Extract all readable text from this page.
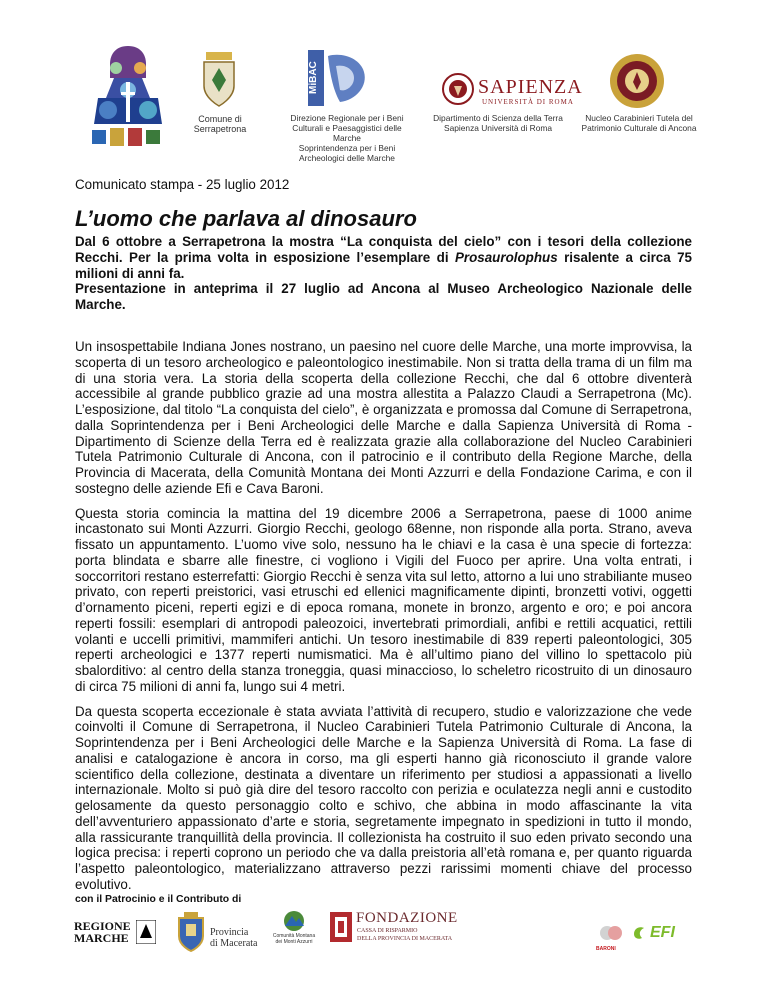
Comune di Serrapetrona
MiBAC
Direzione Regionale per i Beni
Culturali e Paesaggistici delle Marche
Soprintendenza per i Beni
Archeologici delle Marche
SAPIENZA
UNIVERSITÀ DI ROMA
Dipartimento di Scienza della Terra
Sapienza Università di Roma
Nucleo Carabinieri Tutela del
Patrimonio Culturale di Ancona
Comunicato stampa - 25 luglio 2012
L’uomo che parlava al dinosauro

Dal 6 ottobre a Serrapetrona la mostra “La conquista del cielo” con i tesori della collezione Recchi. Per la prima volta in esposizione l’esemplare di Prosaurolophus risalente a circa 75 milioni di anni fa.

Presentazione in anteprima il 27 luglio ad Ancona al Museo Archeologico Nazionale delle Marche.

Un insospettabile Indiana Jones nostrano, un paesino nel cuore delle Marche, una morte improvvisa, la scoperta di un tesoro archeologico e paleontologico inestimabile. Non si tratta della trama di un film ma di una storia vera. La storia della scoperta della collezione Recchi, che dal 6 ottobre diventerà accessibile al grande pubblico grazie ad una mostra allestita a Palazzo Claudi a Serrapetrona (Mc). L’esposizione, dal titolo “La conquista del cielo”, è organizzata e promossa dal Comune di Serrapetrona, dalla Soprintendenza per i Beni Archeologici delle Marche e dalla Sapienza Università di Roma - Dipartimento di Scienze della Terra ed è realizzata grazie alla collaborazione del Nucleo Carabinieri Tutela Patrimonio Culturale di Ancona, con il patrocinio e il contributo della Regione Marche, della Provincia di Macerata, della Comunità Montana dei Monti Azzurri e della Fondazione Carima, e con il sostegno delle aziende Efi e Cava Baroni.

Questa storia comincia la mattina del 19 dicembre 2006 a Serrapetrona, paese di 1000 anime incastonato sui Monti Azzurri. Giorgio Recchi, geologo 68enne, non risponde alla porta. Strano, aveva fissato un appuntamento. L’uomo vive solo, nessuno ha le chiavi e la casa è una specie di fortezza: porta blindata e sbarre alle finestre, ci vogliono i Vigili del Fuoco per aprire. Una volta entrati, i soccorritori restano esterrefatti: Giorgio Recchi è senza vita sul letto, attorno a lui uno strabiliante museo privato, con reperti preistorici, vasi etruschi ed ellenici magnificamente dipinti, bronzetti votivi, oggetti d’ornamento piceni, reperti egizi e di epoca romana, monete in bronzo, argento e oro; e poi ancora reperti fossili: esemplari di antropodi paleozoici, invertebrati primordiali, anfibi e rettili acquatici, rettili volanti e uccelli primitivi, mammiferi antichi. Un tesoro inestimabile di 839 reperti paleontologici, 305 reperti archeologici e 1377 reperti numismatici. Ma è all’ultimo piano del villino lo spettacolo più sbalorditivo: al centro della stanza troneggia, quasi minaccioso, lo scheletro ricostruito di un dinosauro di circa 75 milioni di anni fa, lungo sui 4 metri.

Da questa scoperta eccezionale è stata avviata l’attività di recupero, studio e valorizzazione che vede coinvolti il Comune di Serrapetrona, il Nucleo Carabinieri Tutela Patrimonio Culturale di Ancona, la Soprintendenza per i Beni Archeologici delle Marche e la Sapienza Università di Roma. La fase di analisi e catalogazione è ancora in corso, ma gli esperti hanno già riconosciuto il grande valore scientifico della collezione, destinata a diventare un riferimento per studiosi a appassionati a livello internazionale. Molto si può già dire del tesoro raccolto con perizia e oculatezza negli anni e custodito gelosamente da questo personaggio colto e schivo, che abbina in modo affascinante la vita dell’avventuriero appassionato d’arte e storia, segretamente impegnato in spedizioni in tutto il mondo, alla rassicurante tranquillità della provincia. Il collezionista ha costruito il suo eden privato secondo una logica precisa: i reperti coprono un periodo che va dalla preistoria all’età romana e, per quanto riguarda l’aspetto paleontologico, materializzano attraverso pezzi rarissimi momenti chiave del processo evolutivo.

con il Patrocinio e il Contributo di
REGIONE
MARCHE	Provincia
di Macerata
Comunità Montana
dei Monti Azzurri
FONDAZIONE
CASSA DI RISPARMIO
DELLA PROVINCIA DI MACERATA
BARONI
EFI
